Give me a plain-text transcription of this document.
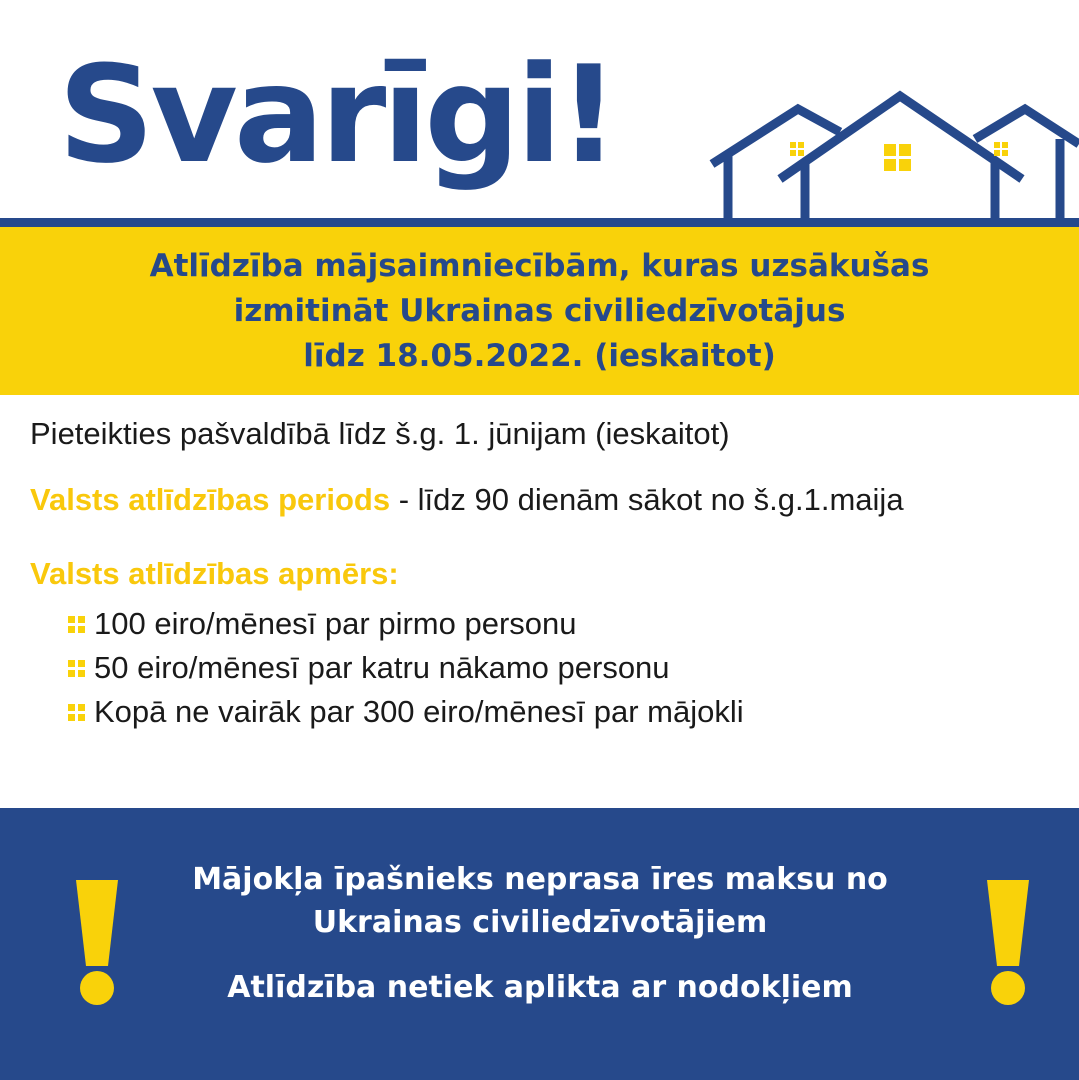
Svarīgi!
Atlīdzība mājsaimniecībām, kuras uzsākušas
izmitināt Ukrainas civiliedzīvotājus
līdz 18.05.2022. (ieskaitot)

Pieteikties pašvaldībā līdz š.g. 1. jūnijam (ieskaitot)

Valsts atlīdzības periods - līdz 90 dienām sākot no š.g.1.maija

Valsts atlīdzības apmērs:

100 eiro/mēnesī par pirmo personu
50 eiro/mēnesī par katru nākamo personu
Kopā ne vairāk par 300 eiro/mēnesī par mājokli
Mājokļa īpašnieks neprasa īres maksu no
Ukrainas civiliedzīvotājiem
Atlīdzība netiek aplikta ar nodokļiem
